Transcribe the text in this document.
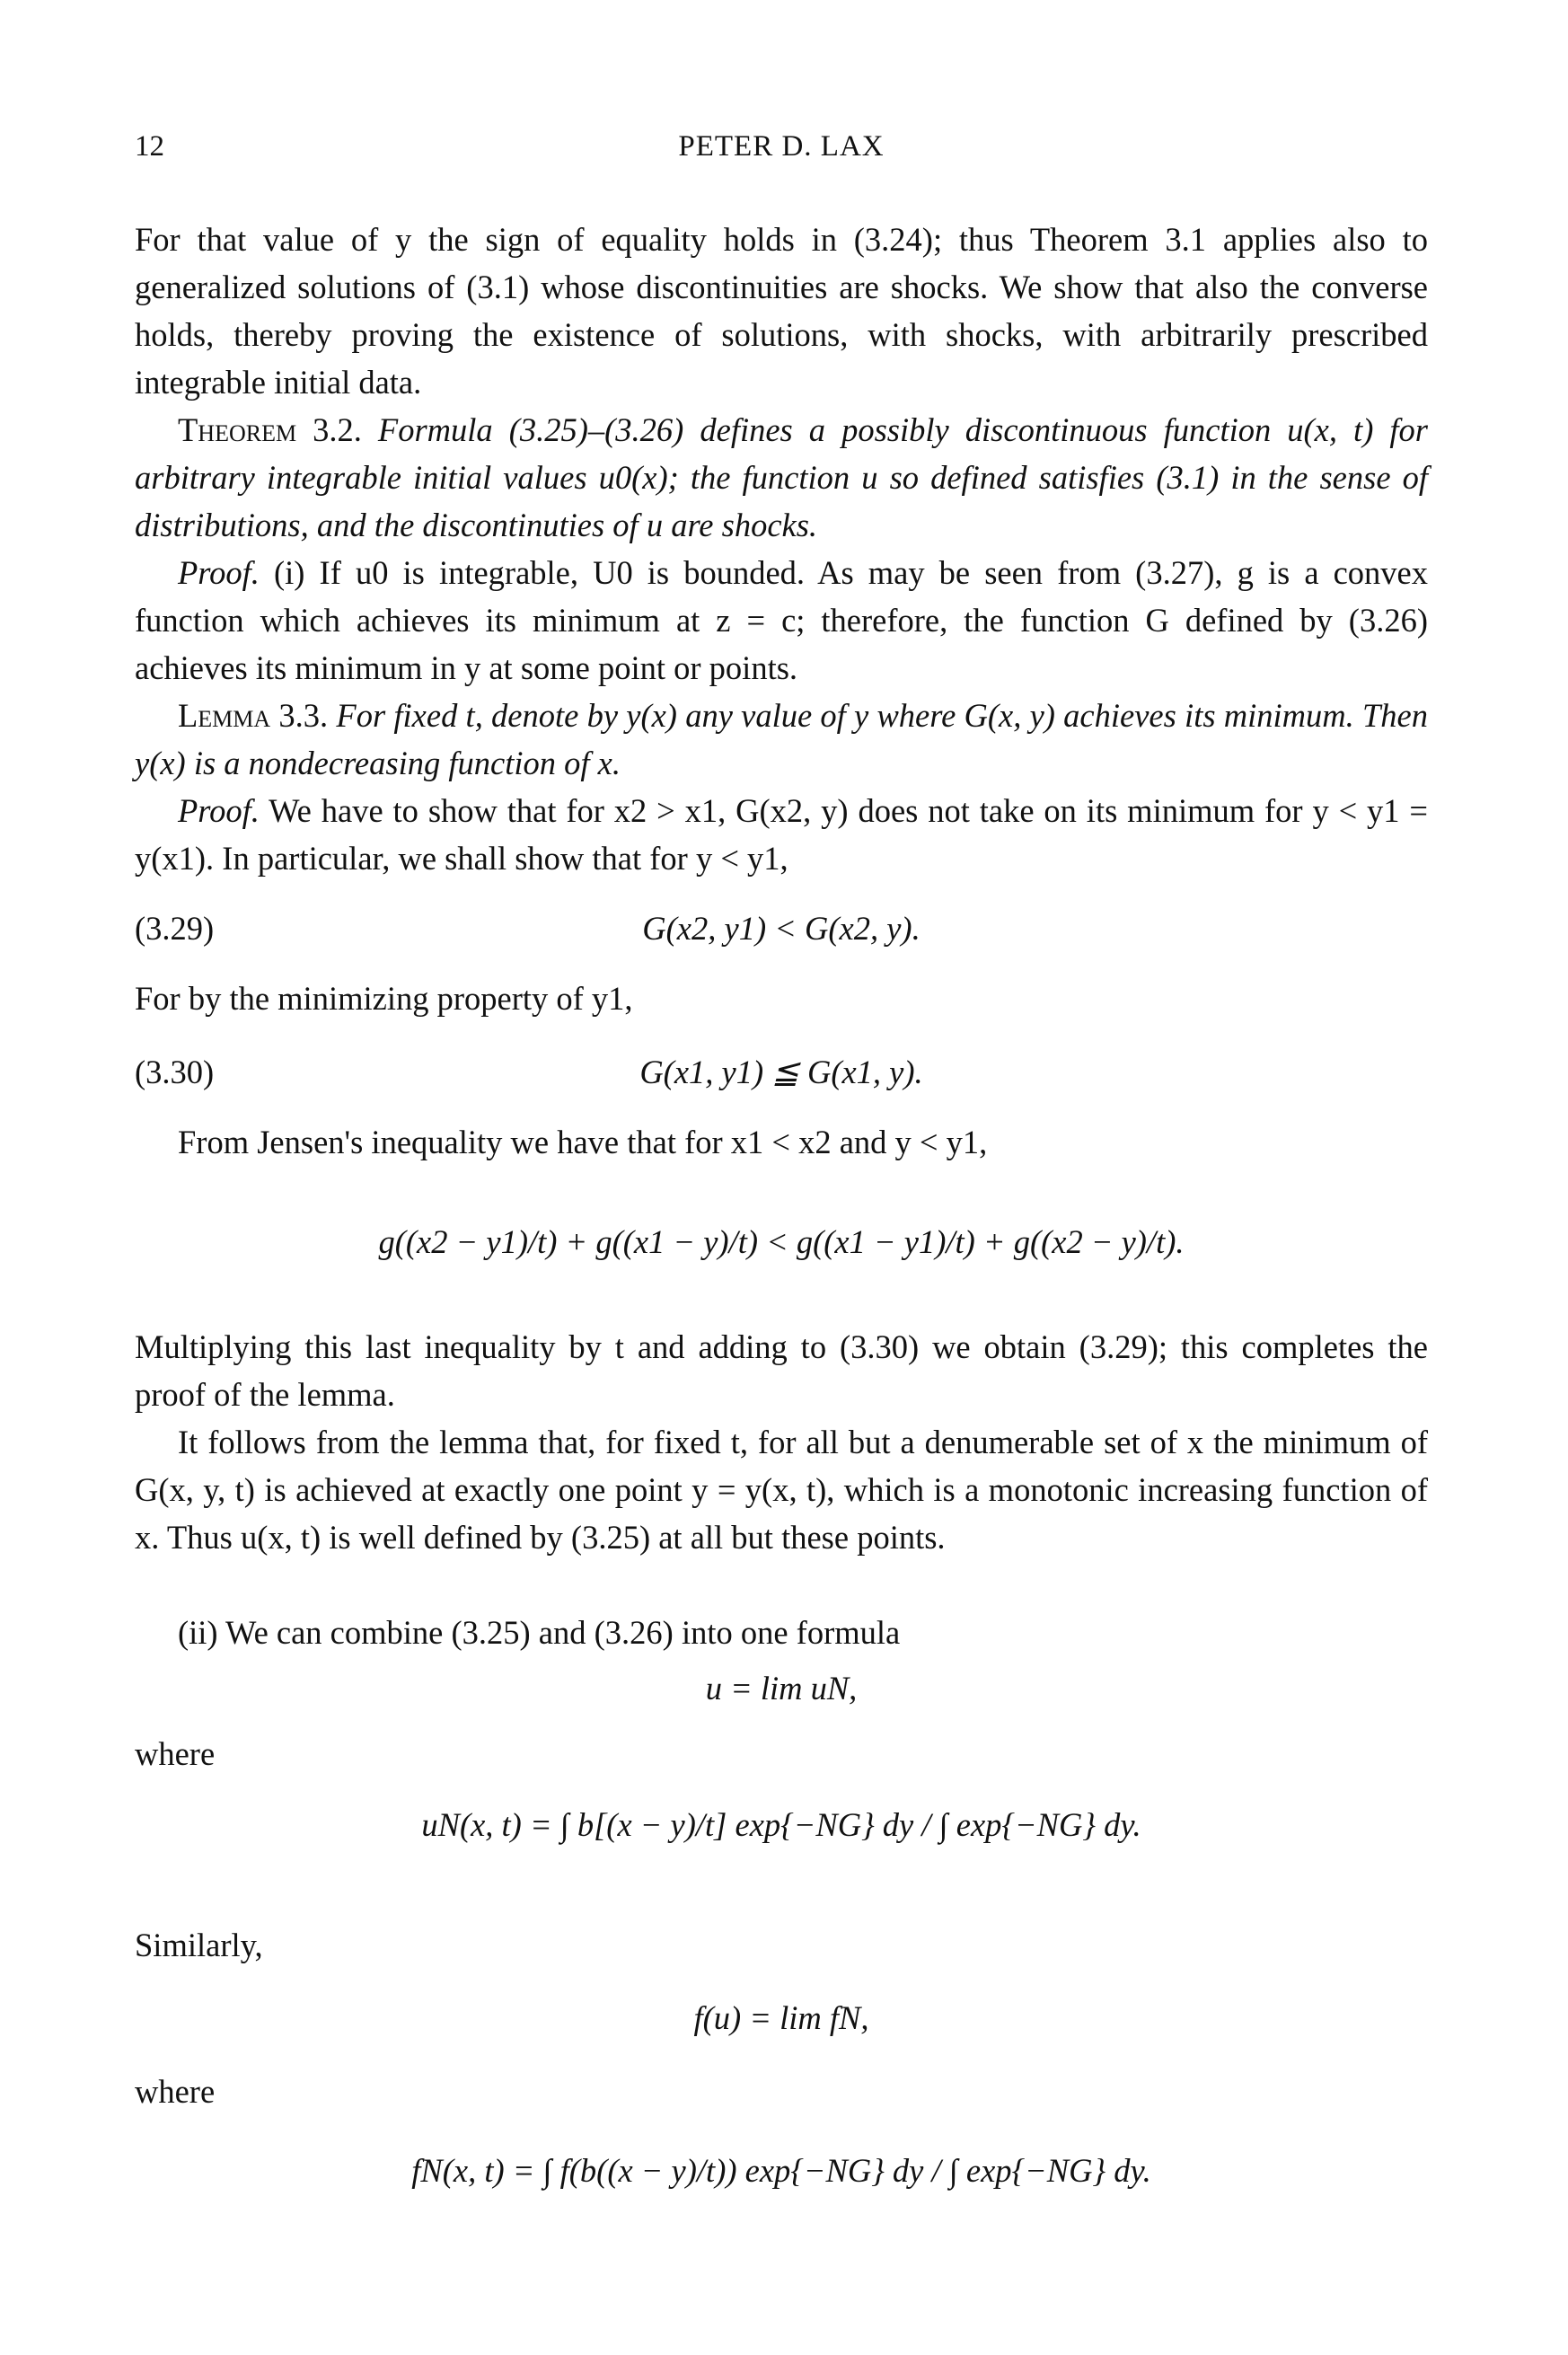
12	PETER D. LAX

For that value of y the sign of equality holds in (3.24); thus Theorem 3.1 applies also to generalized solutions of (3.1) whose discontinuities are shocks. We show that also the converse holds, thereby proving the existence of solutions, with shocks, with arbitrarily prescribed integrable initial data.

Theorem 3.2. Formula (3.25)–(3.26) defines a possibly discontinuous function u(x, t) for arbitrary integrable initial values u0(x); the function u so defined satisfies (3.1) in the sense of distributions, and the discontinuties of u are shocks.

Proof. (i) If u0 is integrable, U0 is bounded. As may be seen from (3.27), g is a convex function which achieves its minimum at z = c; therefore, the function G defined by (3.26) achieves its minimum in y at some point or points.

Lemma 3.3. For fixed t, denote by y(x) any value of y where G(x, y) achieves its minimum. Then y(x) is a nondecreasing function of x.

Proof. We have to show that for x2 > x1, G(x2, y) does not take on its minimum for y < y1 = y(x1). In particular, we shall show that for y < y1,

(3.29)	G(x2, y1) < G(x2, y).

For by the minimizing property of y1,

(3.30)	G(x1, y1) ≦ G(x1, y).

From Jensen's inequality we have that for x1 < x2 and y < y1,

g((x2 − y1)/t) + g((x1 − y)/t) < g((x1 − y1)/t) + g((x2 − y)/t).

Multiplying this last inequality by t and adding to (3.30) we obtain (3.29); this completes the proof of the lemma.

It follows from the lemma that, for fixed t, for all but a denumerable set of x the minimum of G(x, y, t) is achieved at exactly one point y = y(x, t), which is a monotonic increasing function of x. Thus u(x, t) is well defined by (3.25) at all but these points.

(ii) We can combine (3.25) and (3.26) into one formula

u = lim uN,

where

uN(x, t) = ∫ b[(x − y)/t] exp{−NG} dy / ∫ exp{−NG} dy.

Similarly,

f(u) = lim fN,

where

fN(x, t) = ∫ f(b((x − y)/t)) exp{−NG} dy / ∫ exp{−NG} dy.
